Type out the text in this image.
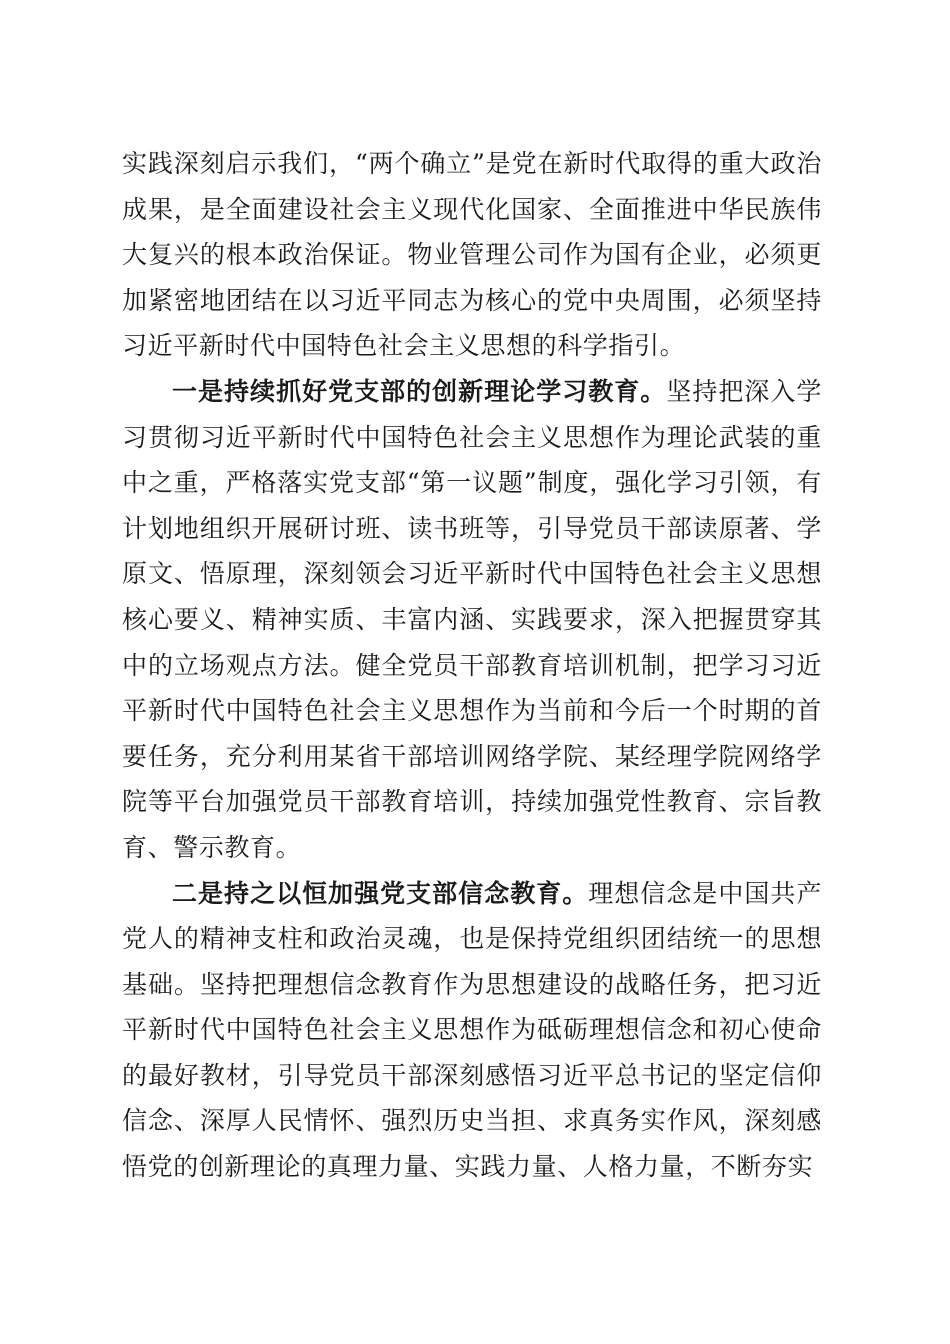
实践深刻启示我们，“两个确立”是党在新时代取得的重大政治成果，是全面建设社会主义现代化国家、全面推进中华民族伟大复兴的根本政治保证。物业管理公司作为国有企业，必须更加紧密地团结在以习近平同志为核心的党中央周围，必须坚持习近平新时代中国特色社会主义思想的科学指引。

一是持续抓好党支部的创新理论学习教育。坚持把深入学习贯彻习近平新时代中国特色社会主义思想作为理论武装的重中之重，严格落实党支部“第一议题”制度，强化学习引领，有计划地组织开展研讨班、读书班等，引导党员干部读原著、学原文、悟原理，深刻领会习近平新时代中国特色社会主义思想核心要义、精神实质、丰富内涵、实践要求，深入把握贯穿其中的立场观点方法。健全党员干部教育培训机制，把学习习近平新时代中国特色社会主义思想作为当前和今后一个时期的首要任务，充分利用某省干部培训网络学院、某经理学院网络学院等平台加强党员干部教育培训，持续加强党性教育、宗旨教育、警示教育。

二是持之以恒加强党支部信念教育。理想信念是中国共产党人的精神支柱和政治灵魂，也是保持党组织团结统一的思想基础。坚持把理想信念教育作为思想建设的战略任务，把习近平新时代中国特色社会主义思想作为砥砺理想信念和初心使命的最好教材，引导党员干部深刻感悟习近平总书记的坚定信仰信念、深厚人民情怀、强烈历史当担、求真务实作风，深刻感悟党的创新理论的真理力量、实践力量、人格力量，不断夯实
